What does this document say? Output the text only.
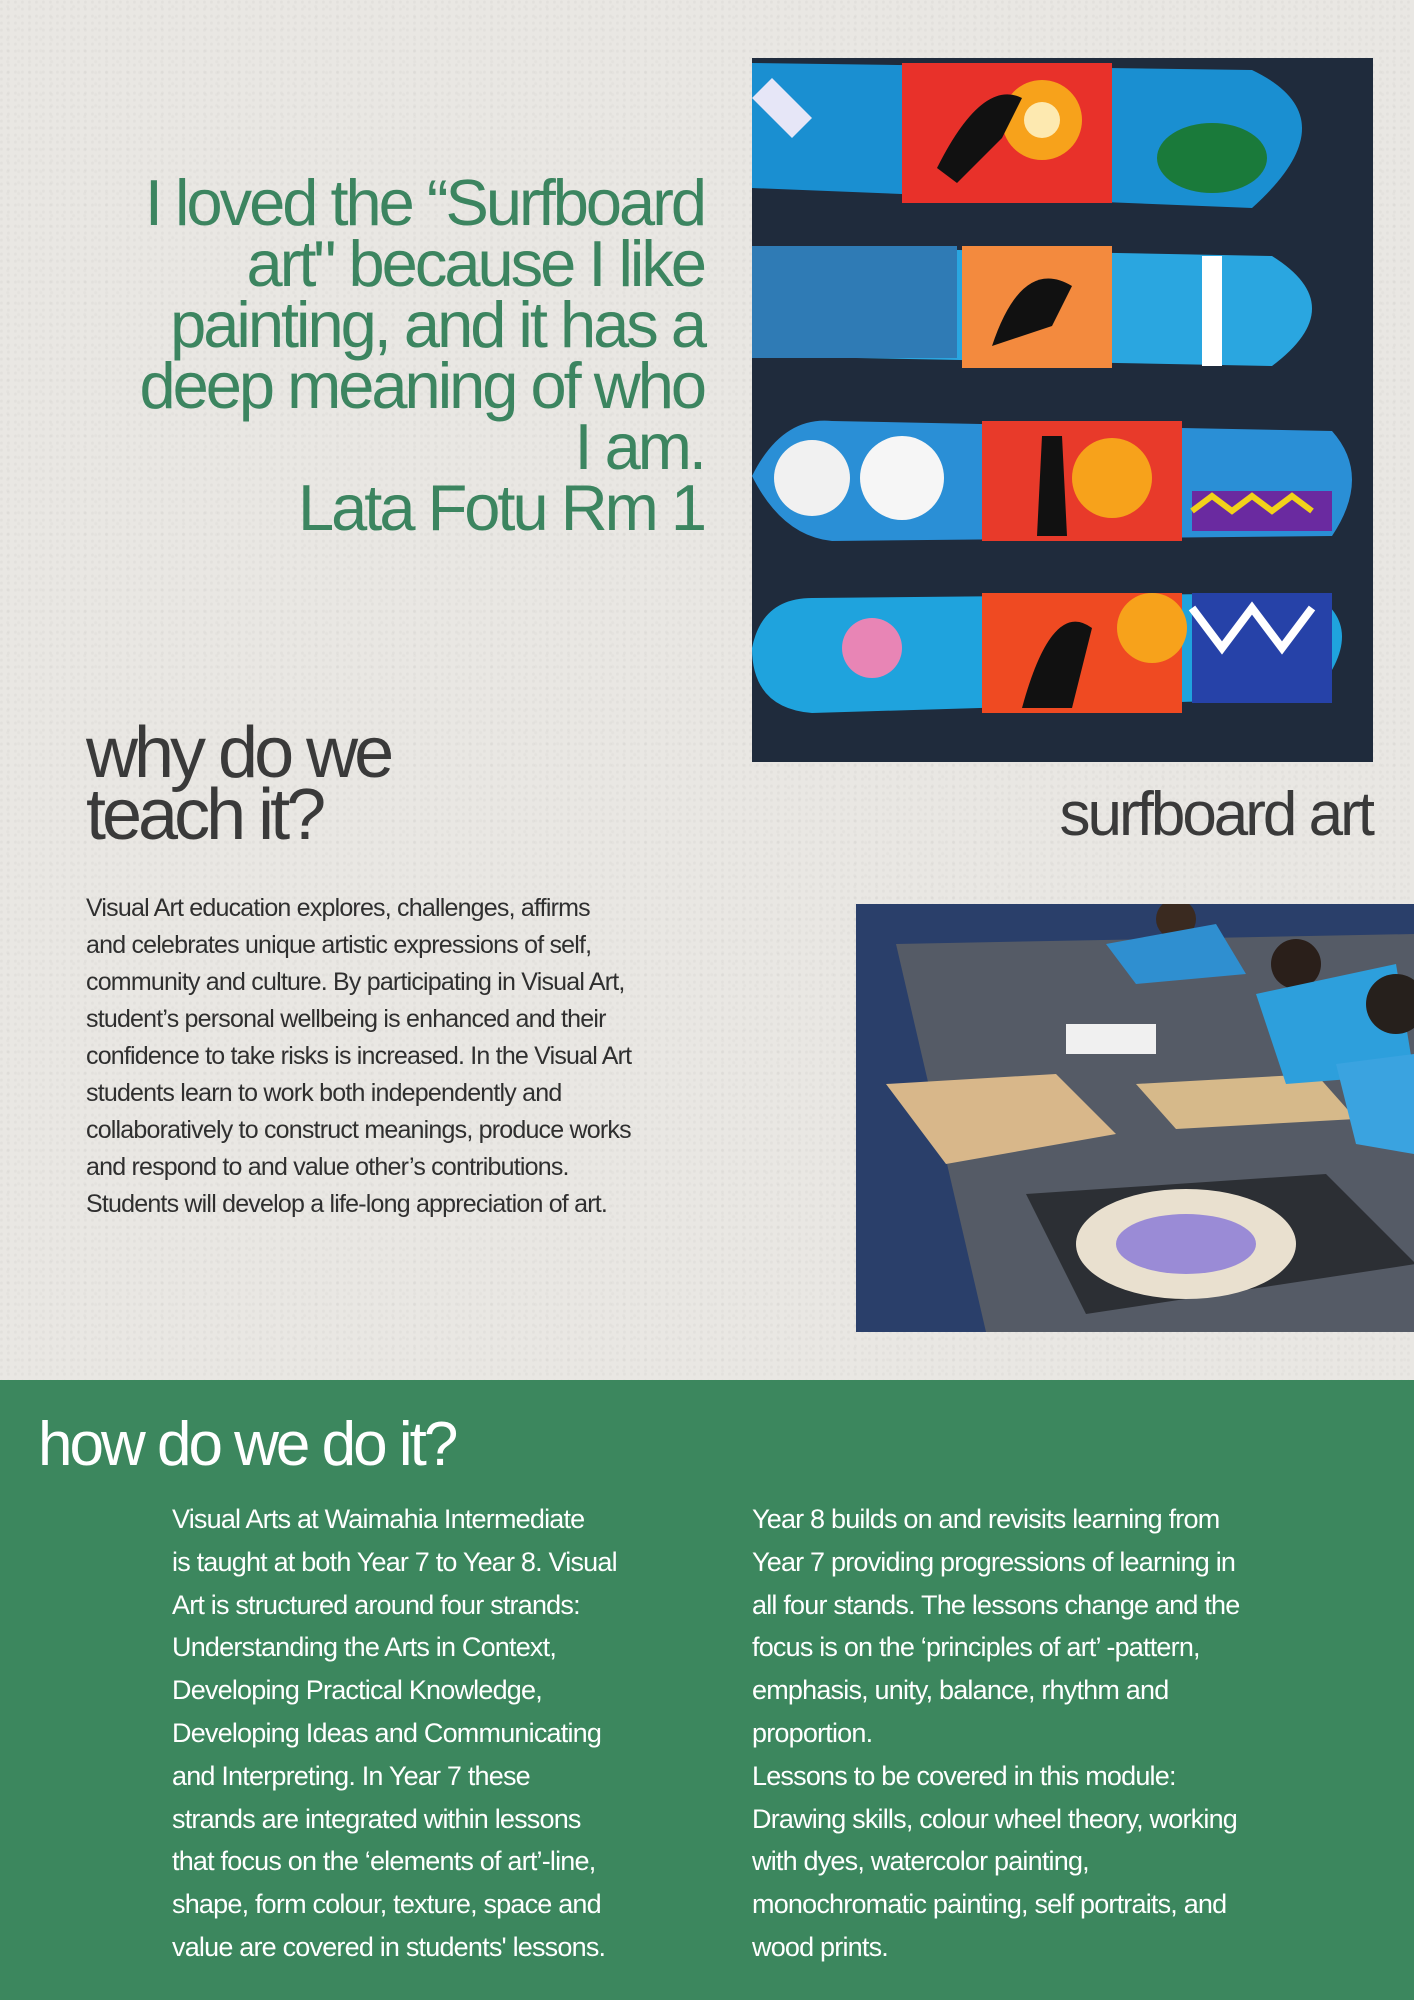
I loved the “Surfboard
art" because I like
painting, and it has a
deep meaning of who
I am.
Lata Fotu Rm 1
surfboard art
why do we
teach it?
Visual Art education explores, challenges, affirms
and celebrates unique artistic expressions of self,
community and culture. By participating in Visual Art,
student’s personal wellbeing is enhanced and their
confidence to take risks is increased. In the Visual Art
students learn to work both independently and
collaboratively to construct meanings, produce works
and respond to and value other’s contributions.
Students will develop a life-long appreciation of art.
how do we do it?
Visual Arts at Waimahia Intermediate
is taught at both Year 7 to Year 8. Visual
Art is structured around four strands:
Understanding the Arts in Context,
Developing Practical Knowledge,
Developing Ideas and Communicating
and Interpreting. In Year 7 these
strands are integrated within lessons
that focus on the ‘elements of art’-line,
shape, form colour, texture, space and
value are covered in students' lessons.
Year 8 builds on and revisits learning from
Year 7 providing progressions of learning in
all four stands. The lessons change and the
focus is on the ‘principles of art’ -pattern,
emphasis, unity, balance, rhythm and
proportion.
Lessons to be covered in this module:
Drawing skills, colour wheel theory, working
with dyes, watercolor painting,
monochromatic painting, self portraits, and
wood prints.
